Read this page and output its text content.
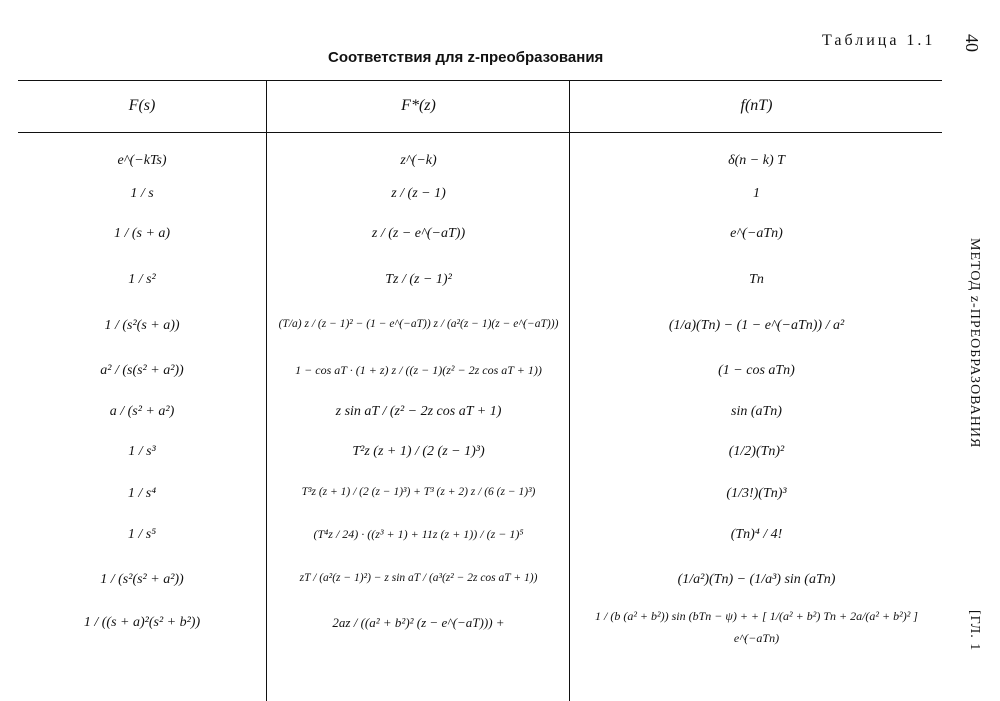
Таблица 1.1 40
Соответствия для z-преобразования
МЕТОД z-ПРЕОБРАЗОВАНИЯ
[ГЛ. 1
F(s)	F*(z)	f(nT)
e^(−kTs)	z^(−k)	δ(n − k) T
1 / s	z / (z − 1)	1
1 / (s + a)	z / (z − e^(−aT))	e^(−aTn)
1 / s²	Tz / (z − 1)²	Tn
1 / (s²(s + a))	(T/a) z / (z − 1)² − (1 − e^(−aT)) z / (a²(z − 1)(z − e^(−aT)))	(1/a)(Tn) − (1 − e^(−aTn)) / a²
a² / (s(s² + a²))	1 − cos aT · (1 + z) z / ((z − 1)(z² − 2z cos aT + 1))	(1 − cos aTn)
a / (s² + a²)	z sin aT / (z² − 2z cos aT + 1)	sin (aTn)
1 / s³	T²z (z + 1) / (2 (z − 1)³)	(1/2)(Tn)²
1 / s⁴	T³z (z + 1) / (2 (z − 1)³) + T³ (z + 2) z / (6 (z − 1)³)	(1/3!)(Tn)³
1 / s⁵	(T⁴z / 24) · ((z³ + 1) + 11z (z + 1)) / (z − 1)⁵	(Tn)⁴ / 4!
1 / (s²(s² + a²))	zT / (a²(z − 1)²) − z sin aT / (a³(z² − 2z cos aT + 1))	(1/a²)(Tn) − (1/a³) sin (aTn)
1 / ((s + a)²(s² + b²))	2az / ((a² + b²)² (z − e^(−aT))) +	1 / (b (a² + b²)) sin (bTn − ψ) + + [ 1/(a² + b²) Tn + 2a/(a² + b²)² ] e^(−aTn)
